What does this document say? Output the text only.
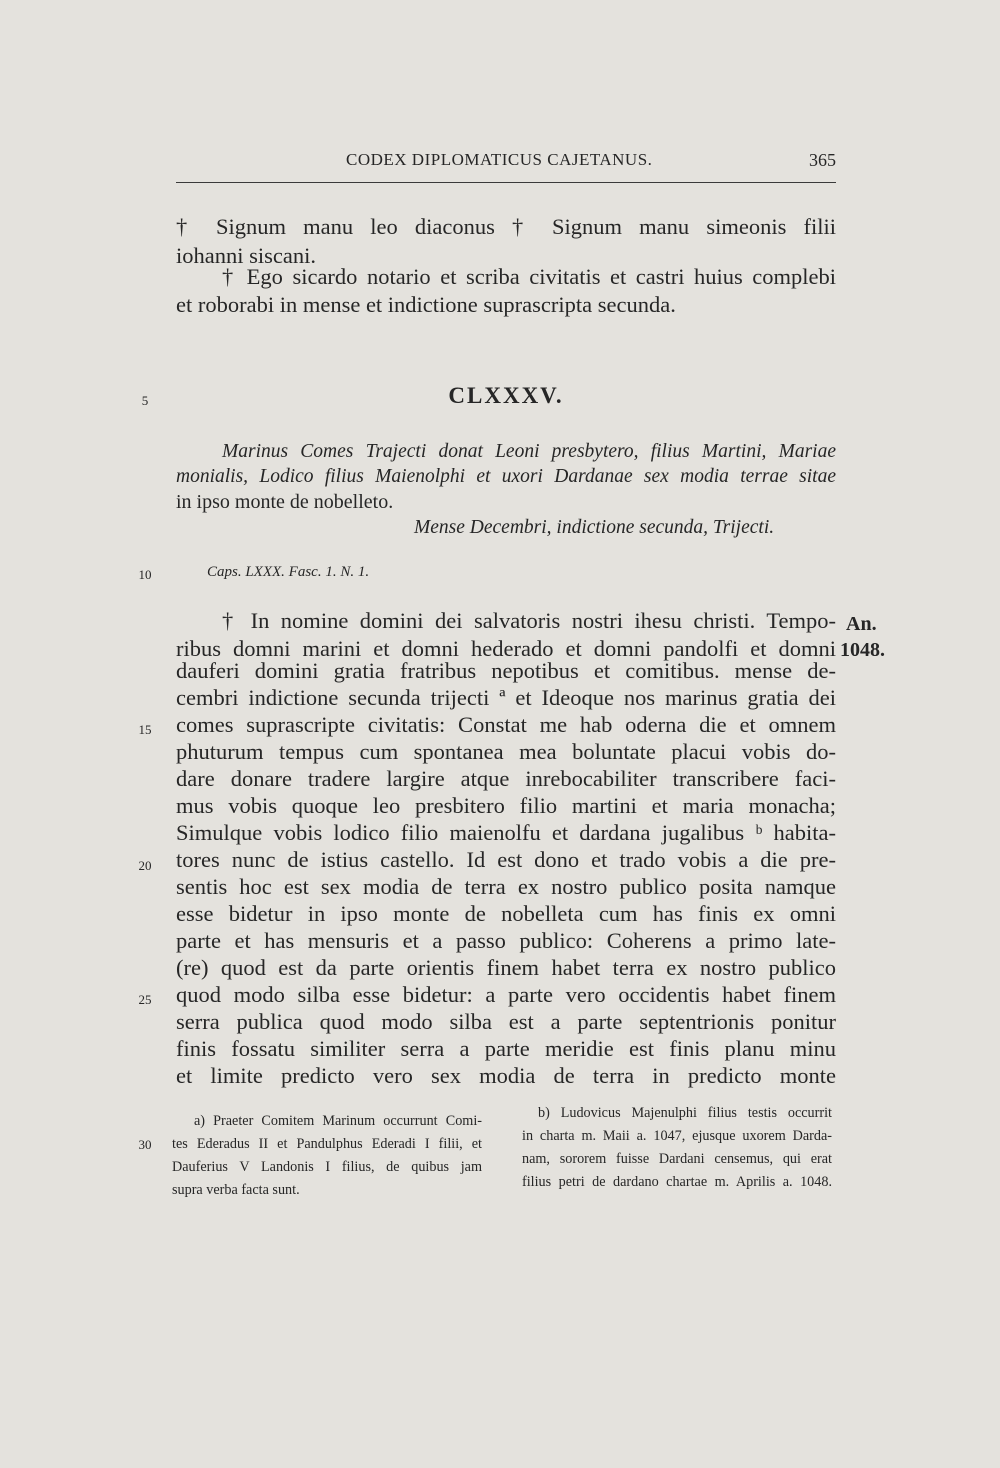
CODEX DIPLOMATICUS CAJETANUS.	365
† Signum manu leo diaconus † Signum manu simeonis filii
iohanni siscani.
† Ego sicardo notario et scriba civitatis et castri huius complebi
et roborabi in mense et indictione suprascripta secunda.
5	CLXXXV.
Marinus Comes Trajecti donat Leoni presbytero, filius Martini, Mariae
monialis, Lodico filius Maienolphi et uxori Dardanae sex modia terrae sitae
in ipso monte de nobelleto.
Mense Decembri, indictione secunda, Trijecti.
10	Caps. LXXX. Fasc. 1. N. 1.
An.
1048.
† In nomine domini dei salvatoris nostri ihesu christi. Tempo-
ribus domni marini et domni hederado et domni pandolfi et domni
dauferi domini gratia fratribus nepotibus et comitibus. mense de-
cembri indictione secunda trijecti ª et Ideoque nos marinus gratia dei
15	comes suprascripte civitatis: Constat me hab oderna die et omnem
phuturum tempus cum spontanea mea boluntate placui vobis do-
dare donare tradere largire atque inrebocabiliter transcribere faci-
mus vobis quoque leo presbitero filio martini et maria monacha;
Simulque vobis lodico filio maienolfu et dardana jugalibus ᵇ habita-
20	tores nunc de istius castello. Id est dono et trado vobis a die pre-
sentis hoc est sex modia de terra ex nostro publico posita namque
esse bidetur in ipso monte de nobelleta cum has finis ex omni
parte et has mensuris et a passo publico: Coherens a primo late-
(re) quod est da parte orientis finem habet terra ex nostro publico
25	quod modo silba esse bidetur: a parte vero occidentis habet finem
serra publica quod modo silba est a parte septentrionis ponitur
finis fossatu similiter serra a parte meridie est finis planu minu
et limite predicto vero sex modia de terra in predicto monte
30
a) Praeter Comitem Marinum occurrunt Comi-
tes Ederadus II et Pandulphus Ederadi I filii, et
Dauferius V Landonis I filius, de quibus jam
supra verba facta sunt.
b) Ludovicus Majenulphi filius testis occurrit
in charta m. Maii a. 1047, ejusque uxorem Darda-
nam, sororem fuisse Dardani censemus, qui erat
filius petri de dardano chartae m. Aprilis a. 1048.
